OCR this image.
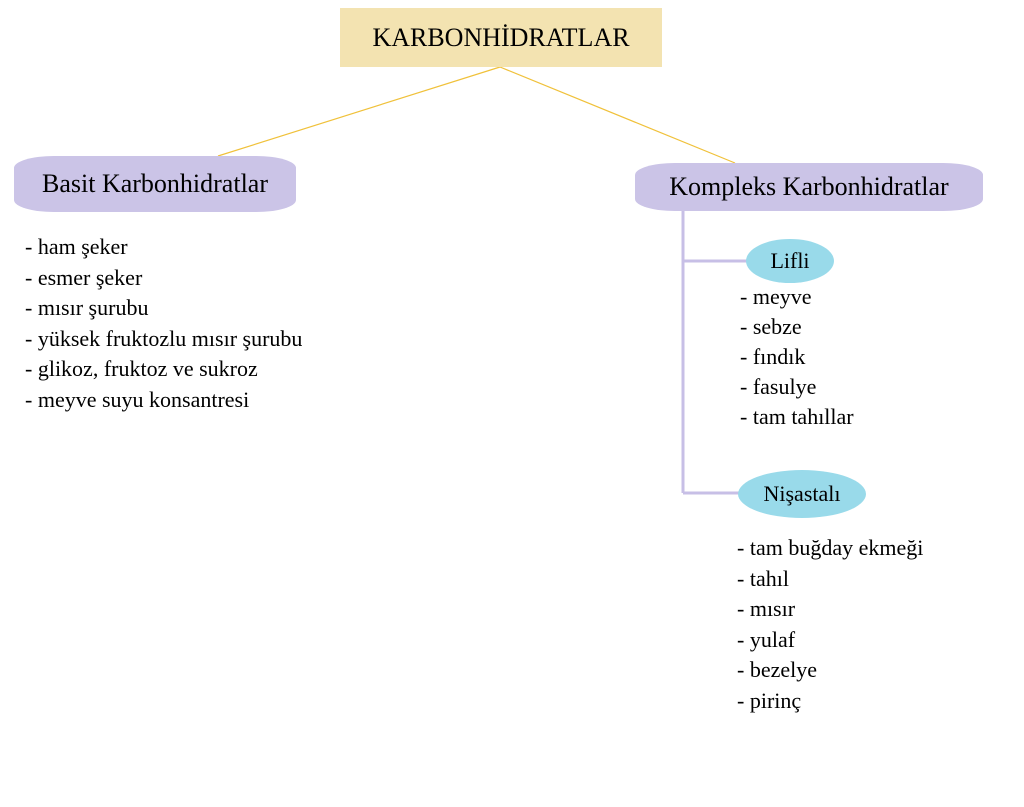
KARBONHİDRATLAR
Basit Karbonhidratlar
- ham şeker
- esmer şeker
- mısır şurubu
- yüksek fruktozlu mısır şurubu
- glikoz, fruktoz ve sukroz
- meyve suyu konsantresi
Kompleks Karbonhidratlar
Lifli
- meyve
- sebze
- fındık
- fasulye
- tam tahıllar
Nişastalı
- tam buğday ekmeği
- tahıl
- mısır
- yulaf
- bezelye
- pirinç
